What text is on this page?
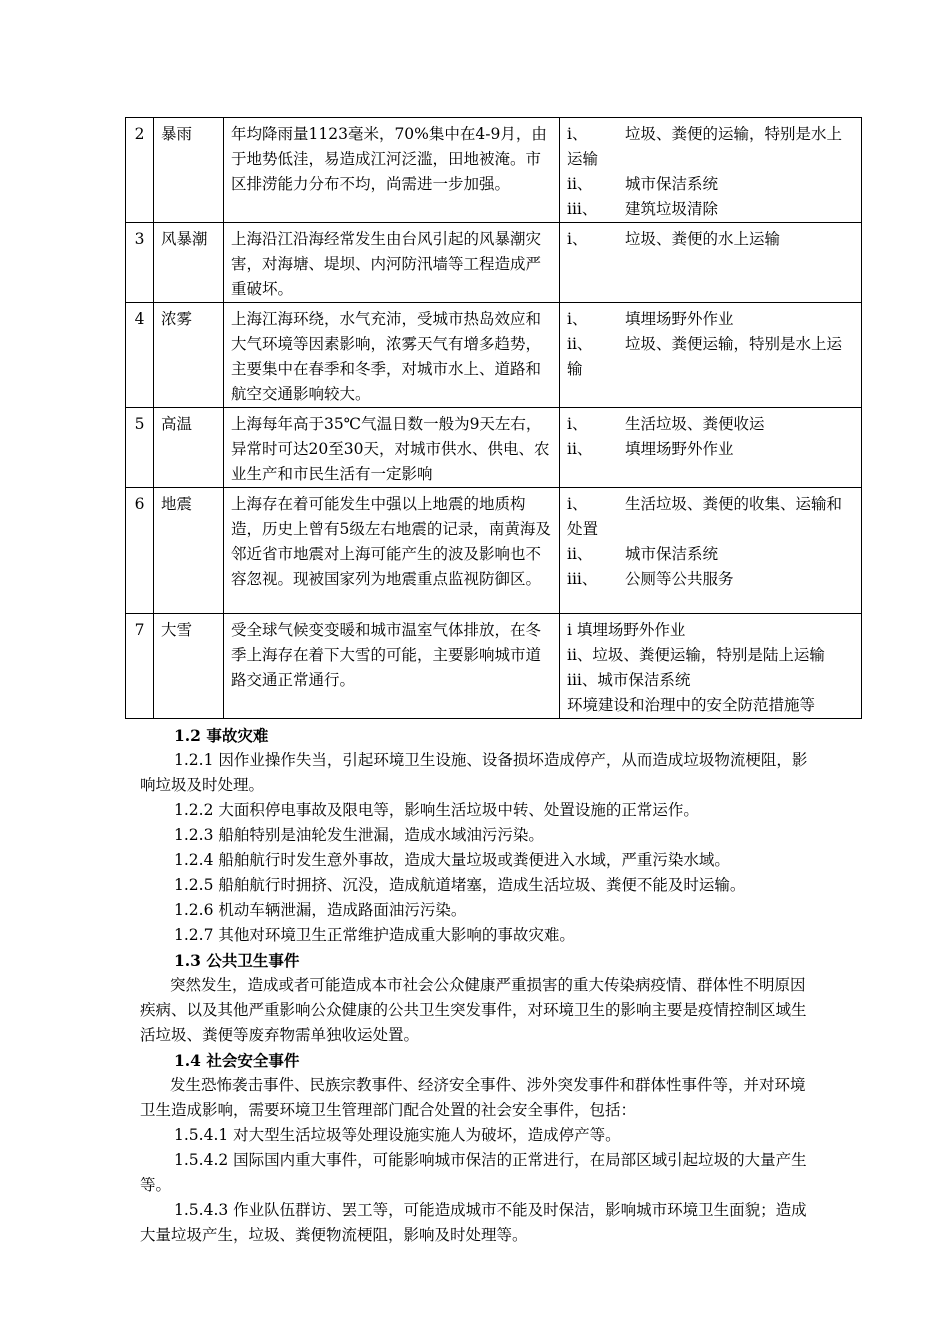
2	暴雨	年均降雨量1123毫米，70%集中在4-9月，由于地势低洼，易造成江河泛滥，田地被淹。市区排涝能力分布不均，尚需进一步加强。	i、 垃圾、粪便的运输，特别是水上运输
ii、 城市保洁系统
iii、 建筑垃圾清除

3	风暴潮	上海沿江沿海经常发生由台风引起的风暴潮灾害，对海塘、堤坝、内河防汛墙等工程造成严重破坏。	i、 垃圾、粪便的水上运输

4	浓雾	上海江海环绕，水气充沛，受城市热岛效应和大气环境等因素影响，浓雾天气有增多趋势，主要集中在春季和冬季，对城市水上、道路和航空交通影响较大。	i、 填埋场野外作业
ii、 垃圾、粪便运输，特别是水上运输

5	高温	上海每年高于35℃气温日数一般为9天左右，异常时可达20至30天，对城市供水、供电、农业生产和市民生活有一定影响	i、 生活垃圾、粪便收运
ii、 填埋场野外作业

6	地震	上海存在着可能发生中强以上地震的地质构造，历史上曾有5级左右地震的记录，南黄海及邻近省市地震对上海可能产生的波及影响也不容忽视。现被国家列为地震重点监视防御区。	i、 生活垃圾、粪便的收集、运输和处置
ii、 城市保洁系统
iii、 公厕等公共服务

7	大雪	受全球气候变变暖和城市温室气体排放，在冬季上海存在着下大雪的可能，主要影响城市道路交通正常通行。	i 填埋场野外作业
ii、垃圾、粪便运输，特别是陆上运输
iii、城市保洁系统
环境建设和治理中的安全防范措施等
1.2 事故灾难
1.2.1 因作业操作失当，引起环境卫生设施、设备损坏造成停产，从而造成垃圾物流梗阻，影响垃圾及时处理。
1.2.2 大面积停电事故及限电等，影响生活垃圾中转、处置设施的正常运作。
1.2.3 船舶特别是油轮发生泄漏，造成水域油污污染。
1.2.4 船舶航行时发生意外事故，造成大量垃圾或粪便进入水域，严重污染水域。
1.2.5 船舶航行时拥挤、沉没，造成航道堵塞，造成生活垃圾、粪便不能及时运输。
1.2.6 机动车辆泄漏，造成路面油污污染。
1.2.7 其他对环境卫生正常维护造成重大影响的事故灾难。
1.3 公共卫生事件
突然发生，造成或者可能造成本市社会公众健康严重损害的重大传染病疫情、群体性不明原因疾病、以及其他严重影响公众健康的公共卫生突发事件，对环境卫生的影响主要是疫情控制区域生活垃圾、粪便等废弃物需单独收运处置。
1.4 社会安全事件
发生恐怖袭击事件、民族宗教事件、经济安全事件、涉外突发事件和群体性事件等，并对环境卫生造成影响，需要环境卫生管理部门配合处置的社会安全事件，包括：
1.5.4.1 对大型生活垃圾等处理设施实施人为破坏，造成停产等。
1.5.4.2 国际国内重大事件，可能影响城市保洁的正常进行，在局部区域引起垃圾的大量产生等。
1.5.4.3 作业队伍群访、罢工等，可能造成城市不能及时保洁，影响城市环境卫生面貌；造成大量垃圾产生，垃圾、粪便物流梗阻，影响及时处理等。
